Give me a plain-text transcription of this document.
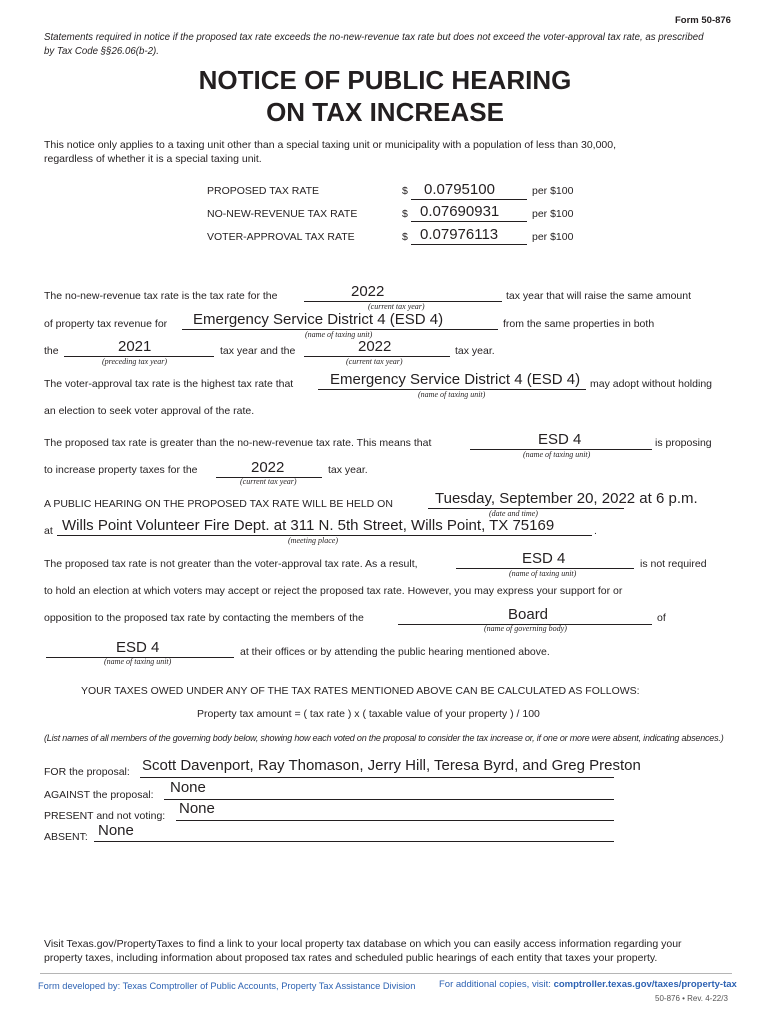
Form 50-876
Statements required in notice if the proposed tax rate exceeds the no-new-revenue tax rate but does not exceed the voter-approval tax rate, as prescribed
by Tax Code §§26.06(b-2).
NOTICE OF PUBLIC HEARING
ON TAX INCREASE
This notice only applies to a taxing unit other than a special taxing unit or municipality with a population of less than 30,000,
regardless of whether it is a special taxing unit.
PROPOSED TAX RATE	$ 0.0795100	per $100
NO-NEW-REVENUE TAX RATE	$ 0.07690931	per $100
VOTER-APPROVAL TAX RATE	$ 0.07976113	per $100
The no-new-revenue tax rate is the tax rate for the	2022
(current tax year)
tax year that will raise the same amount
of property tax revenue for Emergency Service District 4 (ESD 4)
(name of taxing unit)
from the same properties in both
the	2021
(preceding tax year)
tax year and the	2022
(current tax year)
tax year.
The voter-approval tax rate is the highest tax rate that Emergency Service District 4 (ESD 4)
(name of taxing unit)
may adopt without holding
an election to seek voter approval of the rate.
The proposed tax rate is greater than the no-new-revenue tax rate. This means that	ESD 4
(name of taxing unit)
is proposing
to increase property taxes for the	2022
(current tax year)
tax year.
A PUBLIC HEARING ON THE PROPOSED TAX RATE WILL BE HELD ON	Tuesday, September 20, 2022 at 6 p.m.
(date and time)
at Wills Point Volunteer Fire Dept. at 311 N. 5th Street, Wills Point, TX 75169	.
(meeting place)
The proposed tax rate is not greater than the voter-approval tax rate. As a result,	ESD 4
(name of taxing unit)
is not required
to hold an election at which voters may accept or reject the proposed tax rate. However, you may express your support for or
opposition to the proposed tax rate by contacting the members of the	Board
(name of governing body)
of
ESD 4
(name of taxing unit)
at their offices or by attending the public hearing mentioned above.
YOUR TAXES OWED UNDER ANY OF THE TAX RATES MENTIONED ABOVE CAN BE CALCULATED AS FOLLOWS:
Property tax amount = ( tax rate ) x ( taxable value of your property ) / 100
(List names of all members of the governing body below, showing how each voted on the proposal to consider the tax increase or, if one or more were absent, indicating absences.)
FOR the proposal: Scott Davenport, Ray Thomason, Jerry Hill, Teresa Byrd, and Greg Preston
AGAINST the proposal: None
PRESENT and not voting: None
ABSENT: None
Visit Texas.gov/PropertyTaxes to find a link to your local property tax database on which you can easily access information regarding your
property taxes, including information about proposed tax rates and scheduled public hearings of each entity that taxes your property.
Form developed by: Texas Comptroller of Public Accounts, Property Tax Assistance Division For additional copies, visit: comptroller.texas.gov/taxes/property-tax
50-876 • Rev. 4-22/3
